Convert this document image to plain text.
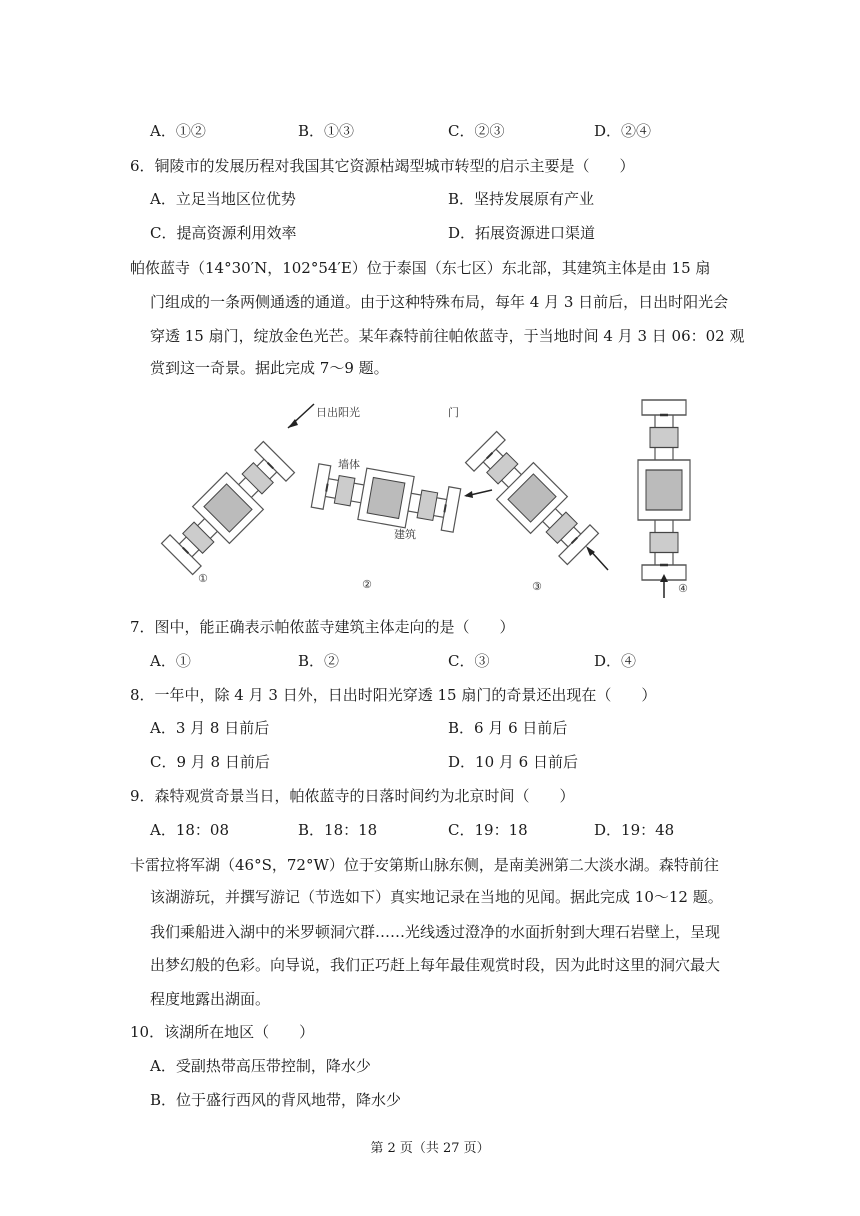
A．①②	B．①③	C．②③	D．②④
6．铜陵市的发展历程对我国其它资源枯竭型城市转型的启示主要是（　　）
A．立足当地区位优势	B．坚持发展原有产业
C．提高资源利用效率	D．拓展资源进口渠道
帕侬蓝寺（14°30′N，102°54′E）位于泰国（东七区）东北部，其建筑主体是由 15 扇
门组成的一条两侧通透的通道。由于这种特殊布局，每年 4 月 3 日前后，日出时阳光会
穿透 15 扇门，绽放金色光芒。某年森特前往帕侬蓝寺，于当地时间 4 月 3 日 06：02 观
赏到这一奇景。据此完成 7～9 题。
日出阳光
①
墙体
建筑
②
门
③	④
7．图中，能正确表示帕侬蓝寺建筑主体走向的是（　　）
A．①	B．②	C．③	D．④
8．一年中，除 4 月 3 日外，日出时阳光穿透 15 扇门的奇景还出现在（　　）
A．3 月 8 日前后	B．6 月 6 日前后
C．9 月 8 日前后	D．10 月 6 日前后
9．森特观赏奇景当日，帕侬蓝寺的日落时间约为北京时间（　　）
A．18：08	B．18：18	C．19：18	D．19：48
卡雷拉将军湖（46°S，72°W）位于安第斯山脉东侧，是南美洲第二大淡水湖。森特前往
该湖游玩，并撰写游记（节选如下）真实地记录在当地的见闻。据此完成 10～12 题。
我们乘船进入湖中的米罗顿洞穴群……光线透过澄净的水面折射到大理石岩壁上，呈现
出梦幻般的色彩。向导说，我们正巧赶上每年最佳观赏时段，因为此时这里的洞穴最大
程度地露出湖面。
10．该湖所在地区（　　）
A．受副热带高压带控制，降水少
B．位于盛行西风的背风地带，降水少
第 2 页（共 27 页）
